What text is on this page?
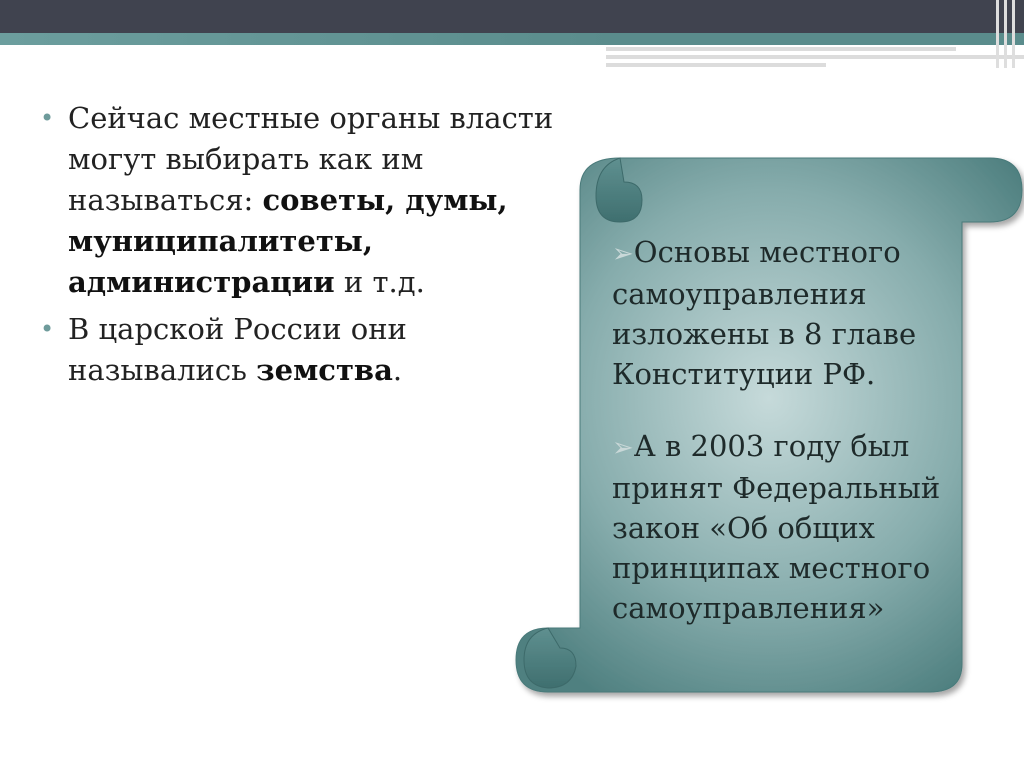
• Сейчас местные органы власти могут выбирать как им называться: советы, думы, муниципалитеты, администрации и т.д.
• В царской России они назывались земства.
➢Основы местного самоуправления изложены в 8 главе Конституции РФ.
➢А в 2003 году был принят Федеральный закон «Об общих принципах местного самоуправления»
